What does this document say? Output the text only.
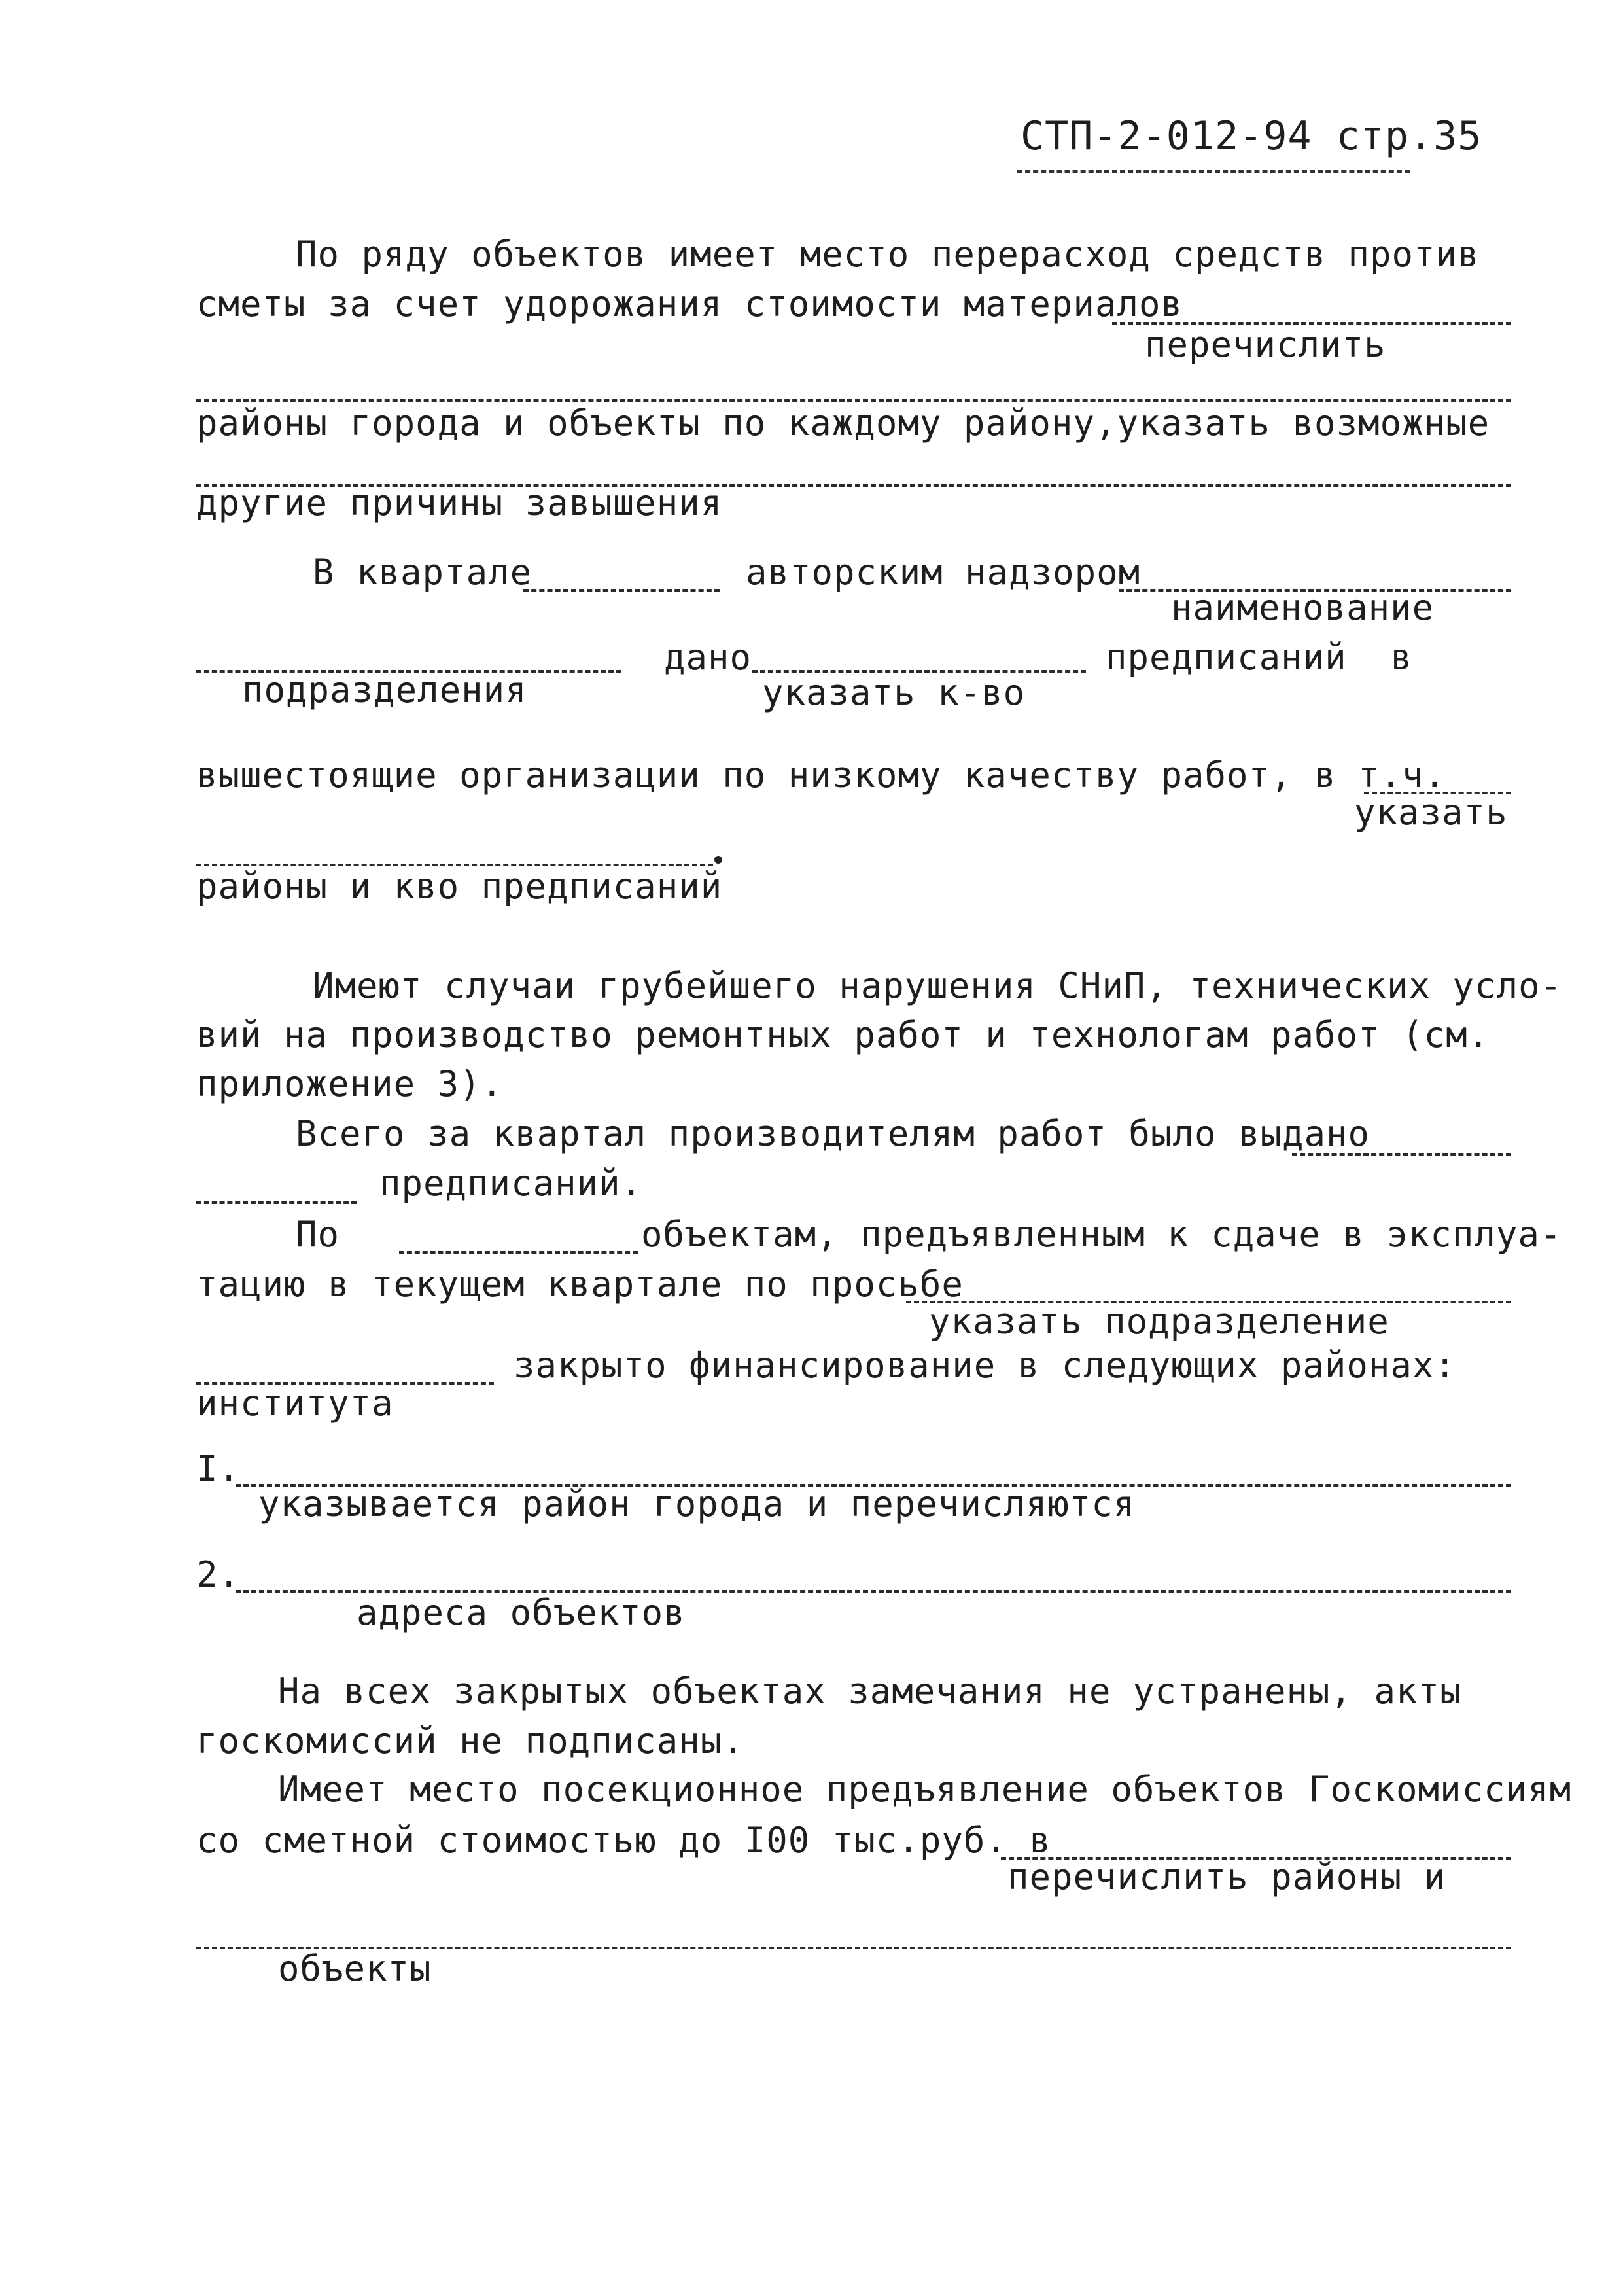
СТП-2-012-94 стр.35
По ряду объектов имеет место перерасход средств против
сметы за счет удорожания стоимости материалов
перечислить
районы города и объекты по каждому району,указать возможные
другие причины завышения
В квартале	авторским надзором
наименование
дано	предписаний  в
подразделения	указать к-во
вышестоящие организации по низкому качеству работ, в т.ч.
указать
районы и кво предписаний
Имеют случаи грубейшего нарушения СНиП, технических усло-
вий на производство ремонтных работ и технологам работ (см.
приложение 3).
Всего за квартал производителям работ было выдано
предписаний.
По	объектам, предъявленным к сдаче в эксплуа-
тацию в текущем квартале по просьбе
указать подразделение
закрыто финансирование в следующих районах:
института
I.
указывается район города и перечисляются
2.
адреса объектов
На всех закрытых объектах замечания не устранены, акты
госкомиссий не подписаны.
Имеет место посекционное предъявление объектов Госкомиссиям
со сметной стоимостью до I00 тыс.руб. в
перечислить районы и
объекты
